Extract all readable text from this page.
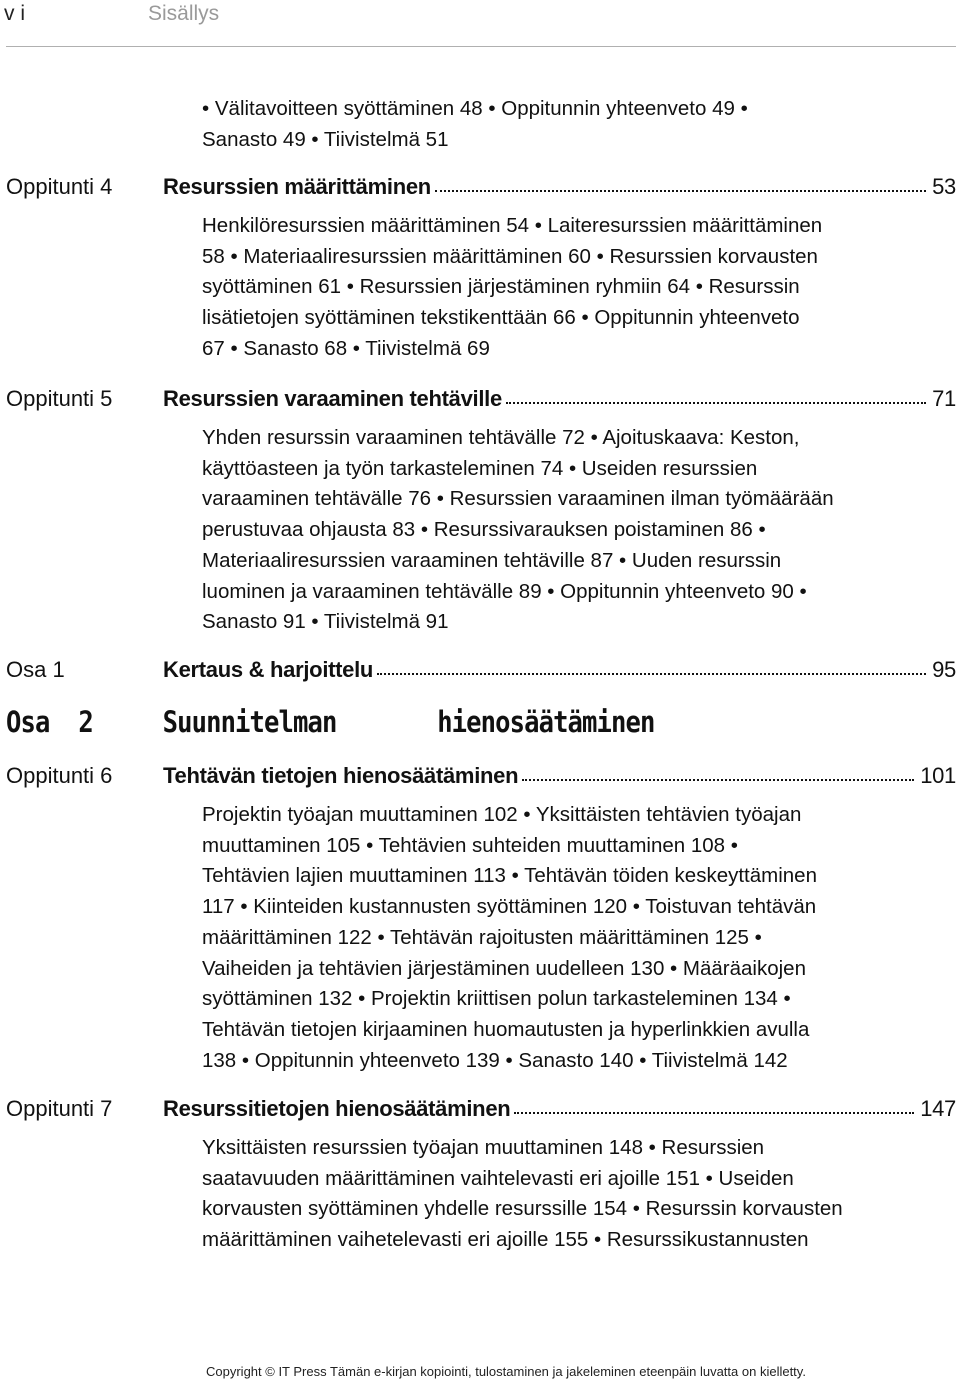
v i	Sisällys
• Välitavoitteen syöttäminen 48 • Oppitunnin yhteenveto 49 •
Sanasto 49 • Tiivistelmä 51
Oppitunti 4 Resurssien määrittäminen	53
Henkilöresurssien määrittäminen 54 • Laiteresurssien määrittäminen
58 • Materiaaliresurssien määrittäminen 60 • Resurssien korvausten
syöttäminen 61 • Resurssien järjestäminen ryhmiin 64 • Resurssin
lisätietojen syöttäminen tekstikenttään 66 • Oppitunnin yhteenveto
67 • Sanasto 68 • Tiivistelmä 69
Oppitunti 5 Resurssien varaaminen tehtäville	71
Yhden resurssin varaaminen tehtävälle 72 • Ajoituskaava: Keston,
käyttöasteen ja työn tarkasteleminen 74 • Useiden resurssien
varaaminen tehtävälle 76 • Resurssien varaaminen ilman työmäärään
perustuvaa ohjausta 83 • Resurssivarauksen poistaminen 86 •
Materiaaliresurssien varaaminen tehtäville 87 • Uuden resurssin
luominen ja varaaminen tehtävälle 89 • Oppitunnin yhteenveto 90 •
Sanasto 91 • Tiivistelmä 91
Osa 1	Kertaus & harjoittelu	95
Osa  2 Suunnitelman	hienosäätäminen
Oppitunti 6 Tehtävän tietojen hienosäätäminen	101
Projektin työajan muuttaminen 102 • Yksittäisten tehtävien työajan
muuttaminen 105 • Tehtävien suhteiden muuttaminen 108 •
Tehtävien lajien muuttaminen 113 • Tehtävän töiden keskeyttäminen
117 • Kiinteiden kustannusten syöttäminen 120 • Toistuvan tehtävän
määrittäminen 122 • Tehtävän rajoitusten määrittäminen 125 •
Vaiheiden ja tehtävien järjestäminen uudelleen 130 • Määräaikojen
syöttäminen 132 • Projektin kriittisen polun tarkasteleminen 134 •
Tehtävän tietojen kirjaaminen huomautusten ja hyperlinkkien avulla
138 • Oppitunnin yhteenveto 139 • Sanasto 140 • Tiivistelmä 142
Oppitunti 7 Resurssitietojen hienosäätäminen	147
Yksittäisten resurssien työajan muuttaminen 148 • Resurssien
saatavuuden määrittäminen vaihtelevasti eri ajoille 151 • Useiden
korvausten syöttäminen yhdelle resurssille 154 • Resurssin korvausten
määrittäminen vaihetelevasti eri ajoille 155 • Resurssikustannusten
Copyright © IT Press Tämän e-kirjan kopiointi, tulostaminen ja jakeleminen eteenpäin luvatta on kielletty.
